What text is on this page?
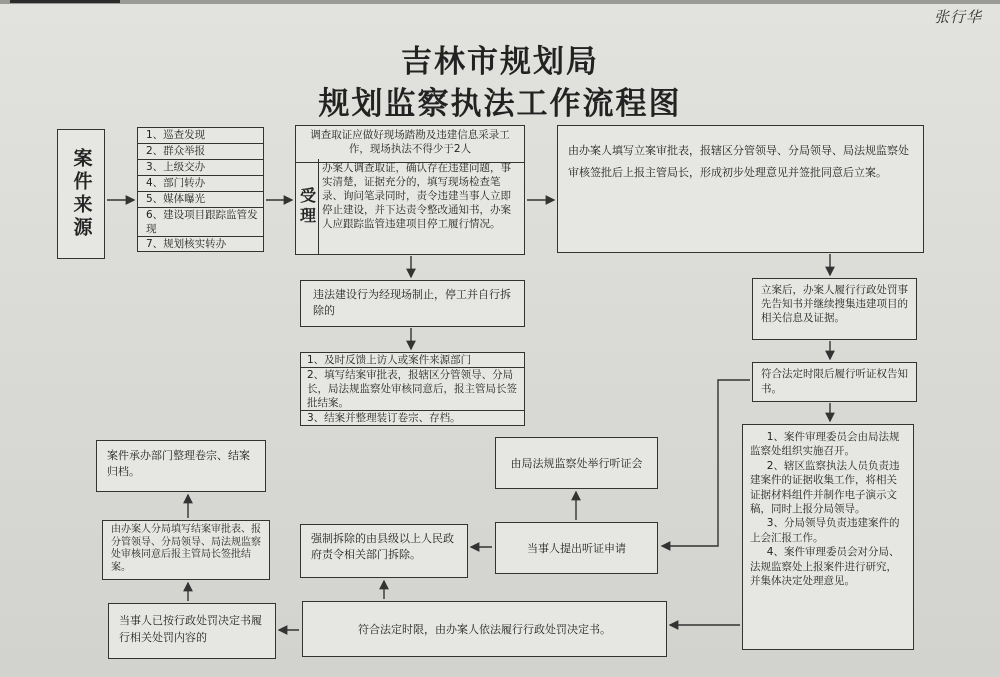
张行华
吉林市规划局
规划监察执法工作流程图
案件来源
1、巡查发现
2、群众举报
3、上级交办
4、部门转办
5、媒体曝光
6、建设项目跟踪监管发现
7、规划核实转办
调查取证应做好现场踏勘及违建信息采录工作，现场执法不得少于2人
受理
办案人调查取证，确认存在违建问题，事实清楚，证据充分的，填写现场检查笔录、询问笔录同时，责令违建当事人立即停止建设，并下达责令整改通知书，办案人应跟踪监管违建项目停工履行情况。
由办案人填写立案审批表，报辖区分管领导、分局领导、局法规监察处审核签批后上报主管局长，形成初步处理意见并签批同意后立案。
违法建设行为经现场制止，停工并自行拆除的
1、及时反馈上访人或案件来源部门
2、填写结案审批表，报辖区分管领导、分局长，局法规监察处审核同意后，报主管局长签批结案。
3、结案并整理装订卷宗、存档。
立案后，办案人履行行政处罚事先告知书并继续搜集违建项目的相关信息及证据。
符合法定时限后履行听证权告知书。
1、案件审理委员会由局法规监察处组织实施召开。
2、辖区监察执法人员负责违建案件的证据收集工作，将相关证据材料组件并制作电子演示文稿，同时上报分局领导。
3、分局领导负责违建案件的上会汇报工作。
4、案件审理委员会对分局、法规监察处上报案件进行研究，并集体决定处理意见。
案件承办部门整理卷宗、结案归档。
由办案人分局填写结案审批表、报分管领导、分局领导、局法规监察处审核同意后报主管局长签批结案。
强制拆除的由县级以上人民政府责令相关部门拆除。
由局法规监察处举行听证会
当事人提出听证申请
当事人已按行政处罚决定书履行相关处罚内容的
符合法定时限，由办案人依法履行行政处罚决定书。
